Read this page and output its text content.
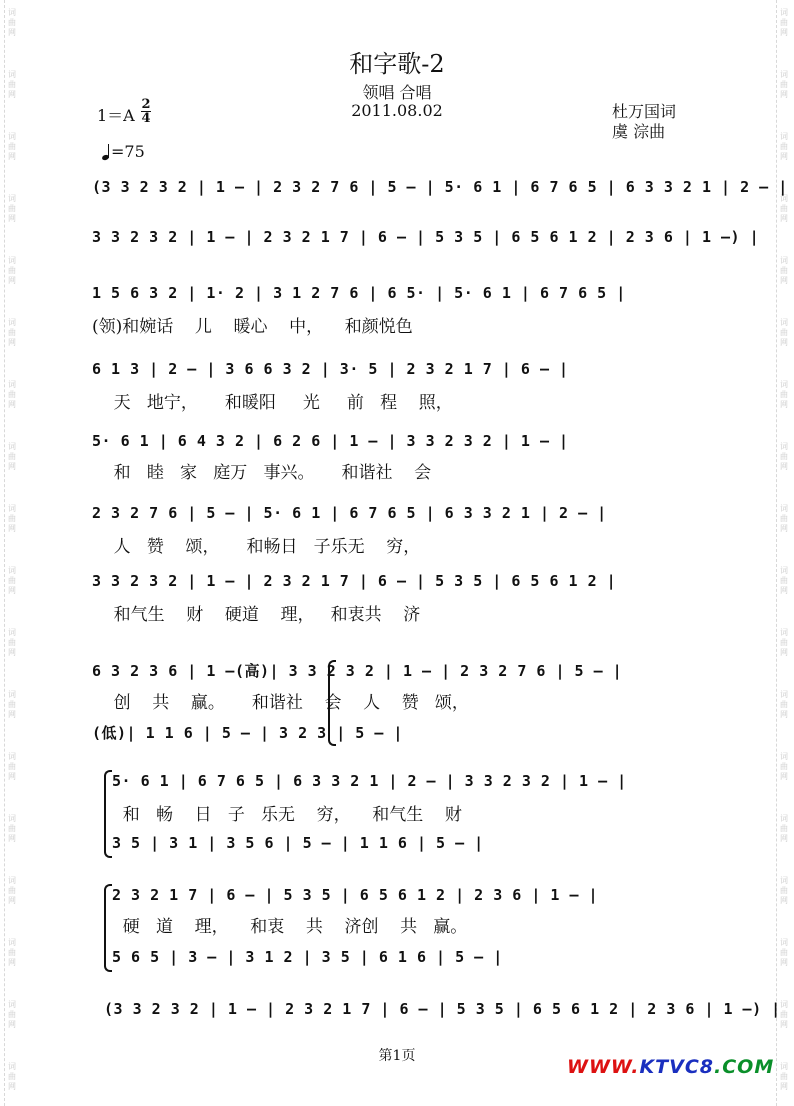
词曲网
词曲网
词曲网
词曲网
词曲网
词曲网
词曲网
词曲网
词曲网
词曲网
词曲网
词曲网
词曲网
词曲网
词曲网
词曲网
词曲网
词曲网
词曲网
词曲网
词曲网
词曲网
词曲网
词曲网
词曲网
词曲网
词曲网
词曲网
词曲网
词曲网
词曲网
词曲网
词曲网
词曲网
词曲网
词曲网
和字歌-2
领唱 合唱
2011.08.02
1＝A
2
4	杜万国词
虞 淙曲
=75
(3 3 2 3 2 | 1 – | 2 3 2 7 6 | 5 – | 5· 6 1 | 6 7 6 5 | 6 3 3 2 1 | 2 – |
3 3 2 3 2 | 1 – | 2 3 2 1 7 | 6 – | 5 3 5 | 6 5 6 1 2 | 2 3 6 | 1 –) |
1 5 6 3 2 | 1· 2 | 3 1 2 7 6 | 6 5· | 5· 6 1 | 6 7 6 5 |
(领)和婉话    儿    暖心    中，    和颜悦色
6 1 3 | 2 – | 3 6 6 3 2 | 3· 5 | 2 3 2 1 7 | 6 – |
天   地宁，     和暖阳     光     前   程    照，
5· 6 1 | 6 4 3 2 | 6 2 6 | 1 – | 3 3 2 3 2 | 1 – |
和   睦   家   庭万   事兴。     和谐社    会
2 3 2 7 6 | 5 – | 5· 6 1 | 6 7 6 5 | 6 3 3 2 1 | 2 – |
人   赞    颂，     和畅日   子乐无    穷，
3 3 2 3 2 | 1 – | 2 3 2 1 7 | 6 – | 5 3 5 | 6 5 6 1 2 |
和气生    财    硬道    理，   和衷共    济
6 3 2 3 6 | 1 –(高)| 3 3 2 3 2 | 1 – | 2 3 2 7 6 | 5 – |
创    共    赢。     和谐社    会    人    赞   颂，
(低)| 1 1 6 | 5 – | 3 2 3 | 5 – |
5· 6 1 | 6 7 6 5 | 6 3 3 2 1 | 2 – | 3 3 2 3 2 | 1 – |
和   畅    日   子   乐无    穷，    和气生    财
3 5 | 3 1 | 3 5 6 | 5 – | 1 1 6 | 5 – |
2 3 2 1 7 | 6 – | 5 3 5 | 6 5 6 1 2 | 2 3 6 | 1 – |
硬   道    理，    和衷    共    济创    共   赢。
5 6 5 | 3 – | 3 1 2 | 3 5 | 6 1 6 | 5 – |
(3 3 2 3 2 | 1 – | 2 3 2 1 7 | 6 – | 5 3 5 | 6 5 6 1 2 | 2 3 6 | 1 –) |
第1页	WWW.KTVC8.COM
